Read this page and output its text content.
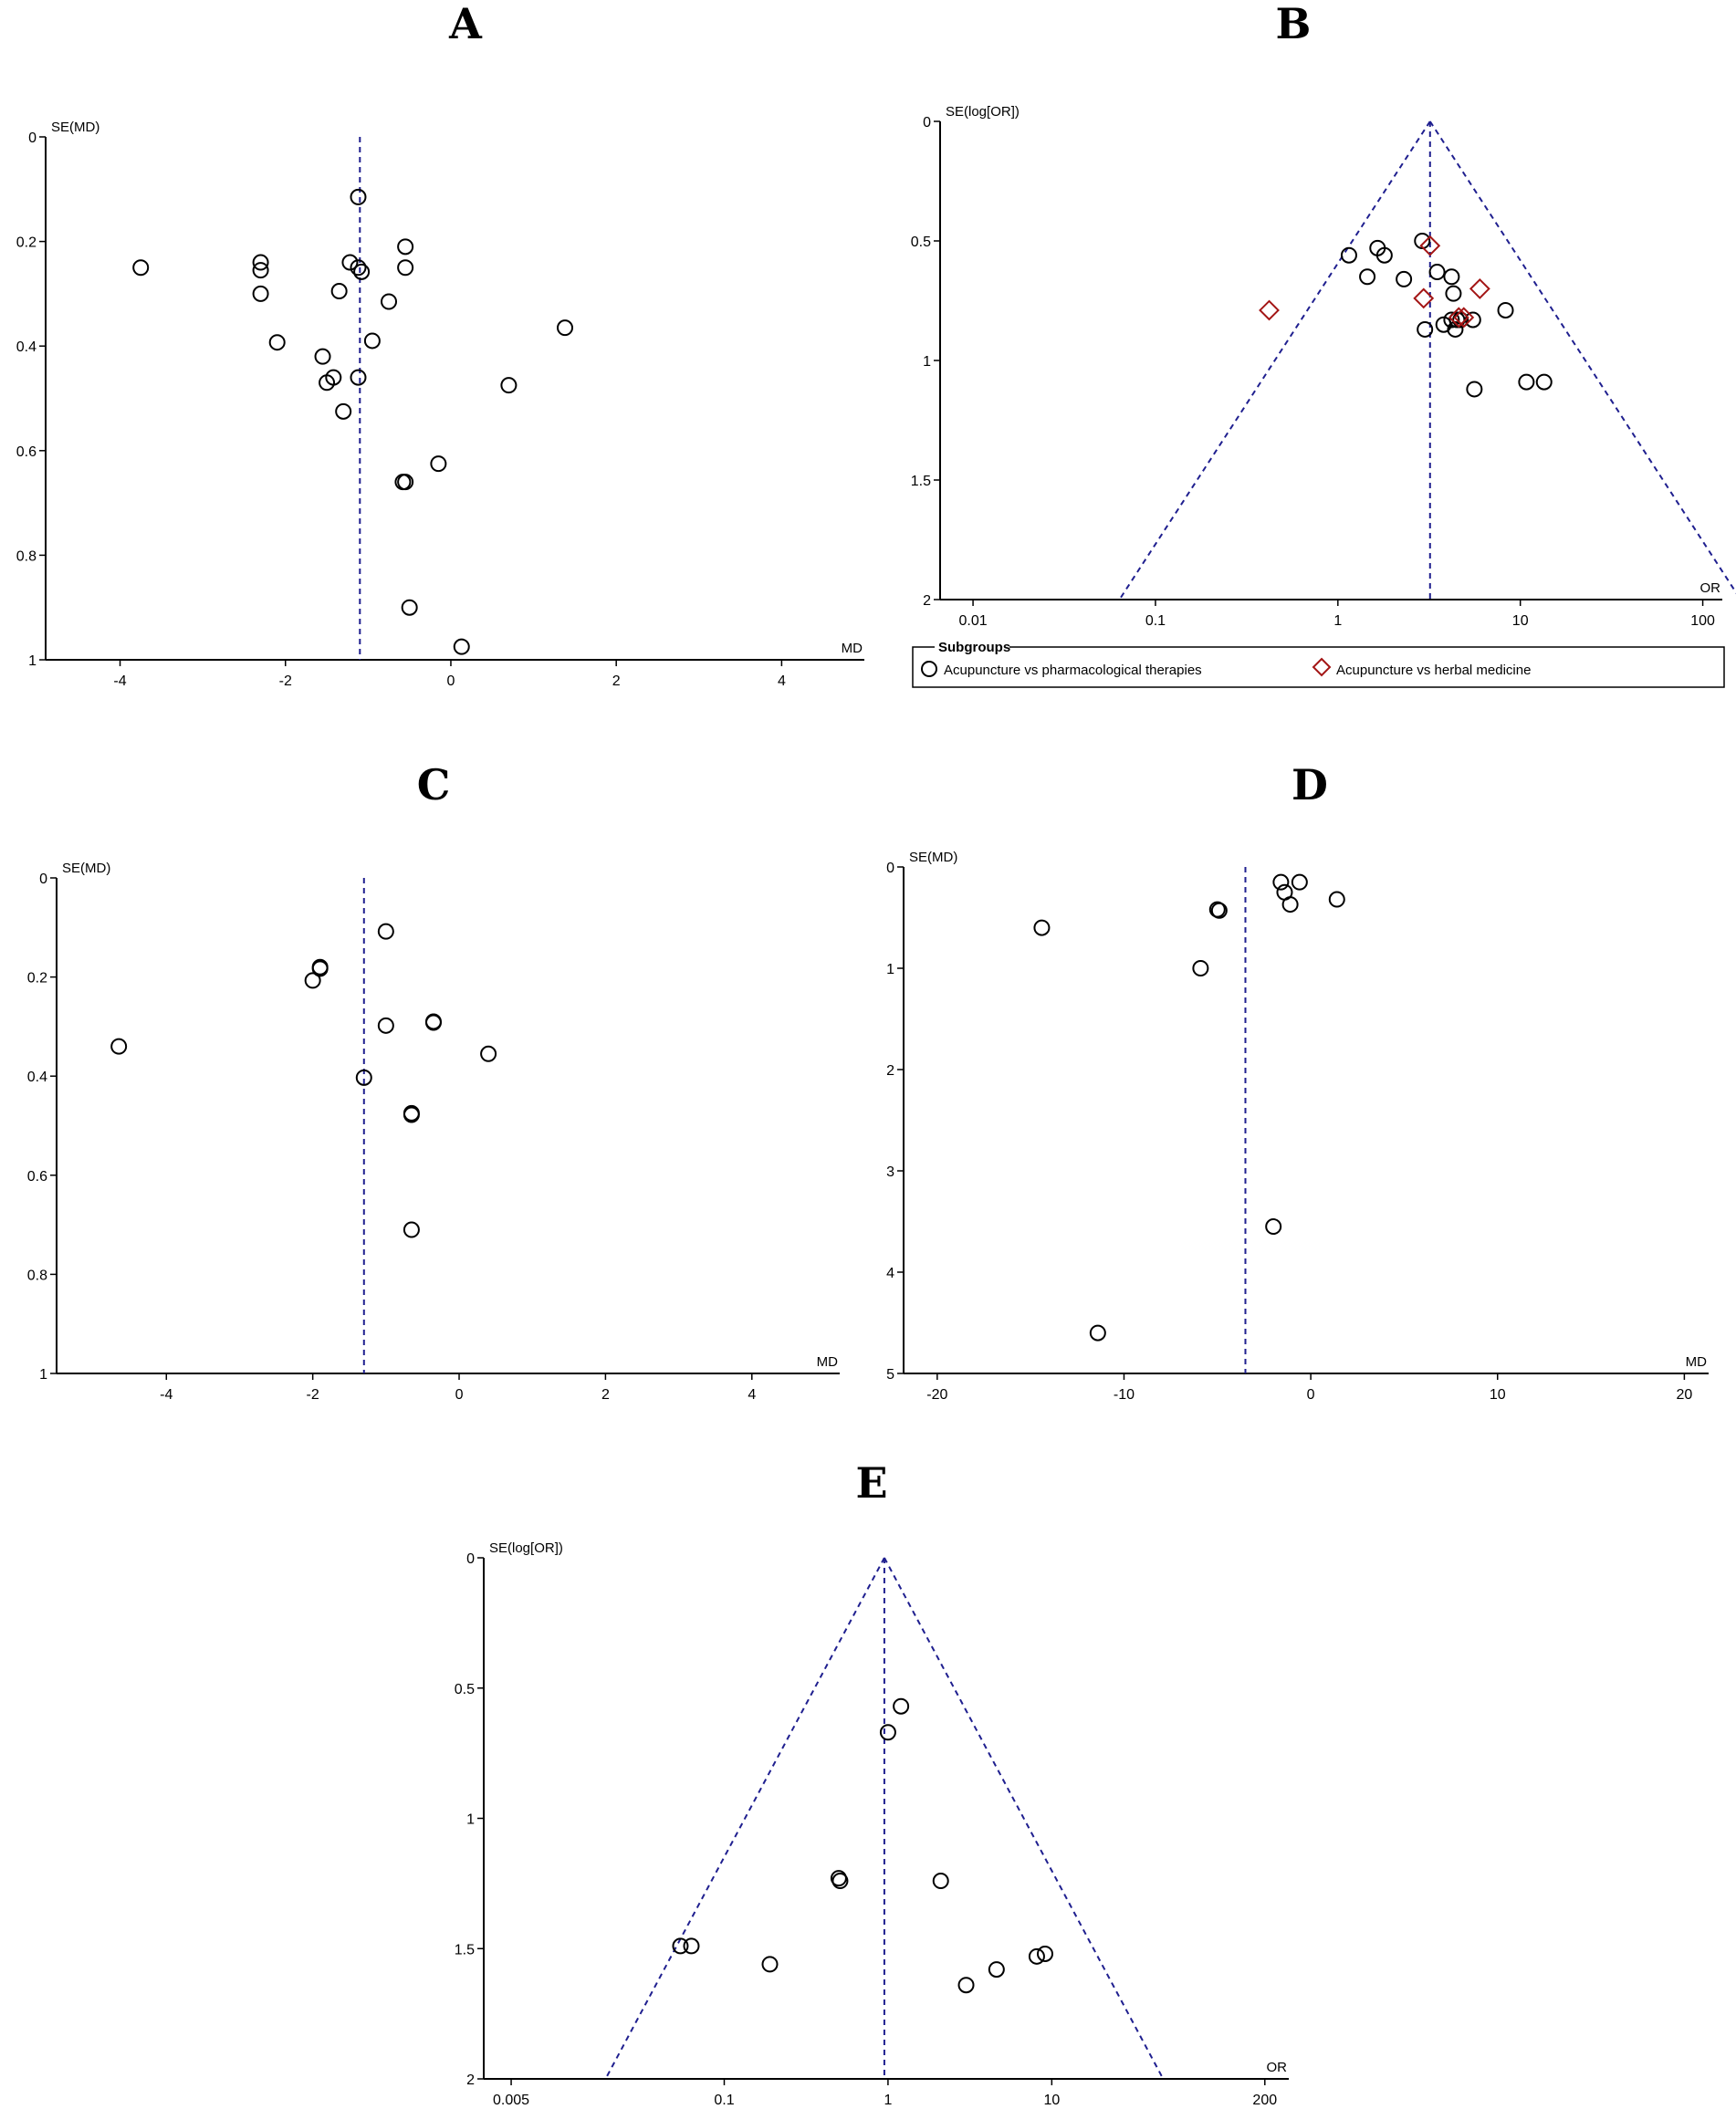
A	B
C	D
E
0
0.2
0.4
0.6
0.8
1
-4	-2	0	2	4
SE(MD)
MD
0
0.5
1
1.5
2
0.01	0.1	1	10	100
SE(log[OR])
OR
Subgroups
Acupuncture vs pharmacological therapies	Acupuncture vs herbal medicine
0
0.2
0.4
0.6
0.8
1
-4	-2	0	2	4
SE(MD)
MD
0
1
2
3
4
5
-20	-10	0	10	20
SE(MD)
MD
0
0.5
1
1.5
2
0.005	0.1	1	10	200
SE(log[OR])
OR
